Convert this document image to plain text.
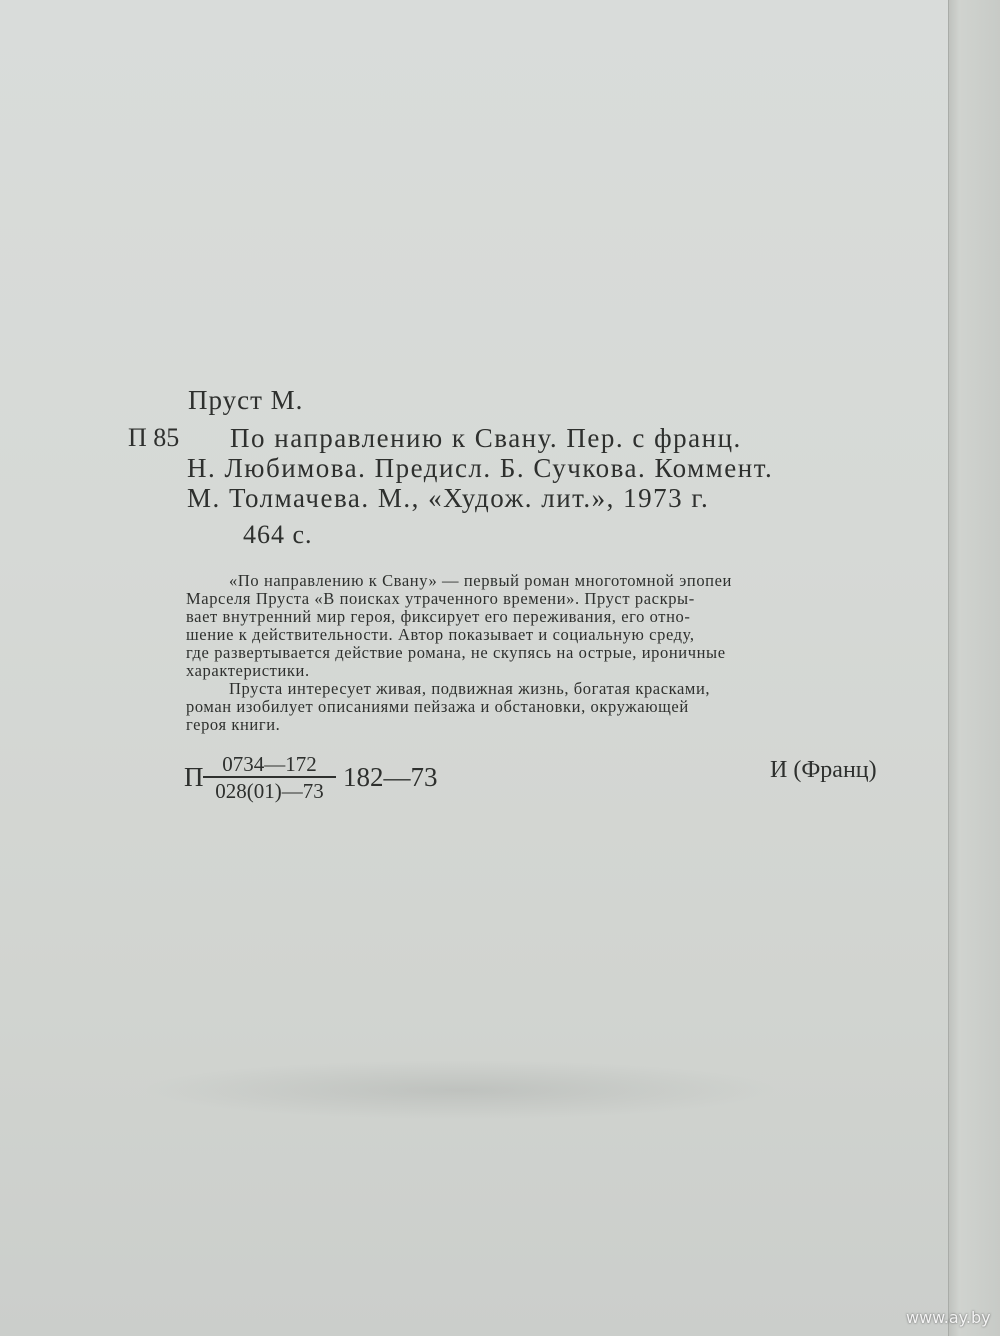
Пруст М.
П 85 По направлению к Свану. Пер. с франц.
Н. Любимова. Предисл. Б. Сучкова. Коммент.
М. Толмачева. М., «Худож. лит.», 1973 г.
464 с.
«По направлению к Свану» — первый роман многотомной эпопеи
Марселя Пруста «В поисках утраченного времени». Пруст раскры-
вает внутренний мир героя, фиксирует его переживания, его отно-
шение к действительности. Автор показывает и социальную среду,
где развертывается действие романа, не скупясь на острые, ироничные
характеристики.
Пруста интересует живая, подвижная жизнь, богатая красками,
роман изобилует описаниями пейзажа и обстановки, окружающей
героя книги.
П $\frac{0734—172}{028(01)—73}$ 182—73	И (Франц)
www.ay.by
